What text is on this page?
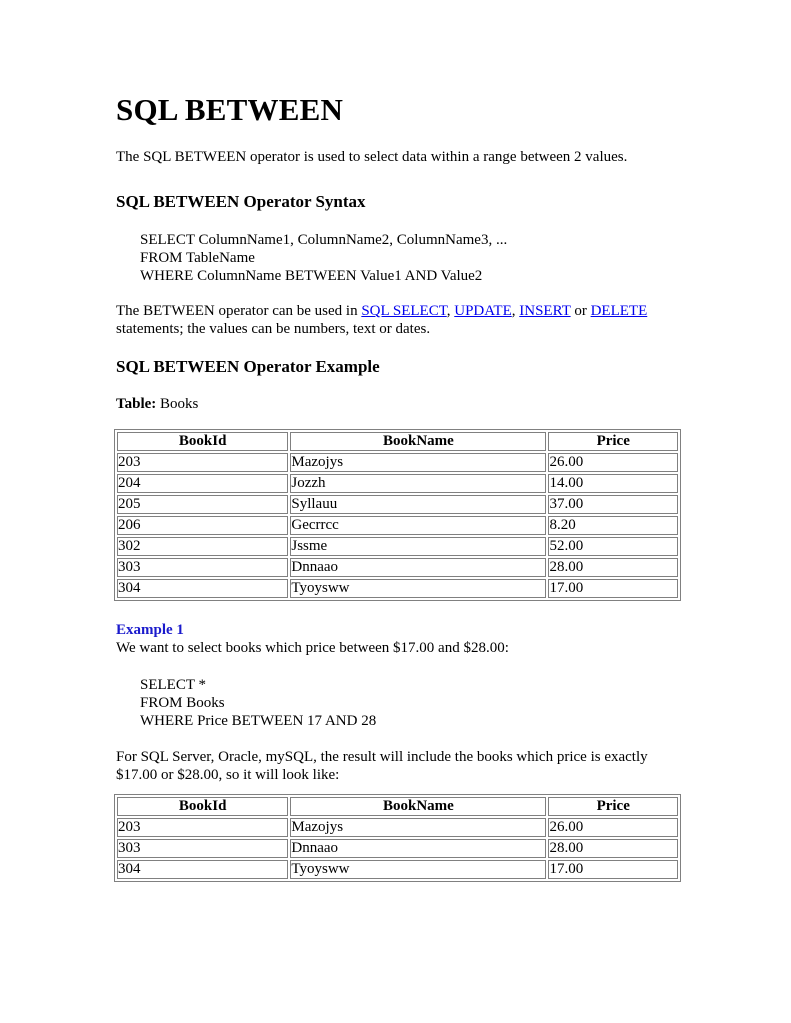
SQL BETWEEN

The SQL BETWEEN operator is used to select data within a range between 2 values.

SQL BETWEEN Operator Syntax
SELECT ColumnName1, ColumnName2, ColumnName3, ...
FROM TableName
WHERE ColumnName BETWEEN Value1 AND Value2

The BETWEEN operator can be used in SQL SELECT, UPDATE, INSERT or DELETE
statements; the values can be numbers, text or dates.

SQL BETWEEN Operator Example

Table: Books

BookId	BookName	Price
203	Mazojys	26.00
204	Jozzh	14.00
205	Syllauu	37.00
206	Gecrrcc	8.20
302	Jssme	52.00
303	Dnnaao	28.00
304	Tyoysww	17.00

Example 1

We want to select books which price between $17.00 and $28.00:

SELECT *
FROM Books
WHERE Price BETWEEN 17 AND 28

For SQL Server, Oracle, mySQL, the result will include the books which price is exactly
$17.00 or $28.00, so it will look like:

BookId	BookName	Price
203	Mazojys	26.00
303	Dnnaao	28.00
304	Tyoysww	17.00
